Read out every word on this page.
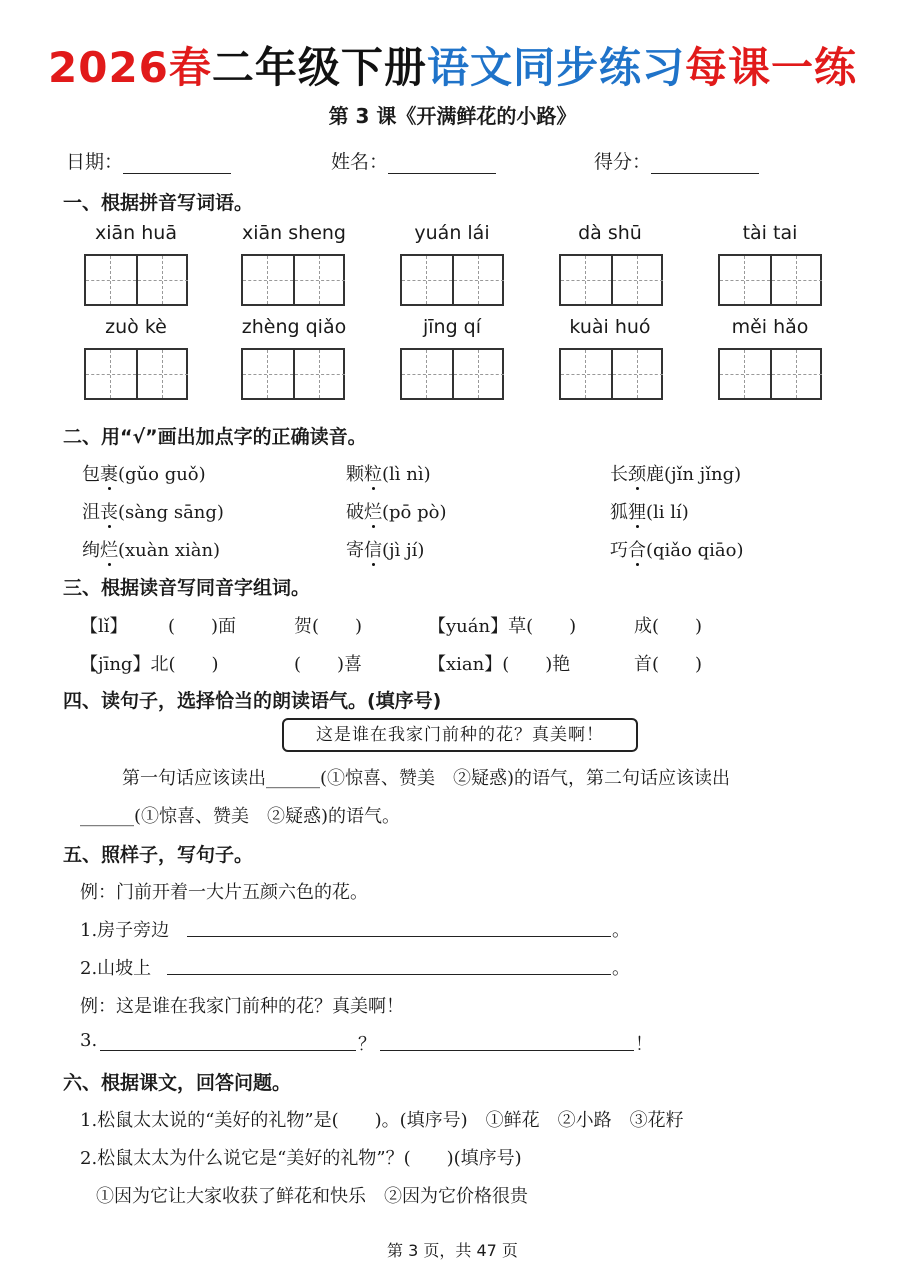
2026春二年级下册语文同步练习每课一练
第 3 课《开满鲜花的小路》
日期：	姓名：	得分：
一、根据拼音写词语。
xiān huā	xiān sheng	yuán lái	dà shū	tài tai
zuò kè	zhèng qiǎo	jīng qí	kuài huó	měi hǎo
二、用“√”画出加点字的正确读音。
包裹(gǔo guǒ)	颗粒(lì nì)	长颈鹿(jǐn jǐng)
沮丧(sàng sāng)	破烂(pō pò)	狐狸(li lí)
绚烂(xuàn xiàn)	寄信(jì jí)	巧合(qiǎo qiāo)
三、根据读音写同音字组词。
【lǐ】 (　　)面	贺(　　)	【yuán】草(　　)	成(　　)
【jīng】北(　　)	(　　)喜	【xian】(　　)艳	首(　　)
四、读句子，选择恰当的朗读语气。(填序号)
这是谁在我家门前种的花？真美啊！
第一句话应该读出______(①惊喜、赞美　②疑惑)的语气，第二句话应该读出
______(①惊喜、赞美　②疑惑)的语气。
五、照样子，写句子。
例：门前开着一大片五颜六色的花。
1.房子旁边	。
2.山坡上	。
例：这是谁在我家门前种的花？真美啊！
3.	？	！
六、根据课文，回答问题。
1.松鼠太太说的“美好的礼物”是(　　)。(填序号)　①鲜花　②小路　③花籽
2.松鼠太太为什么说它是“美好的礼物”？(　　)(填序号)
①因为它让大家收获了鲜花和快乐　②因为它价格很贵
第 3 页，共 47 页
